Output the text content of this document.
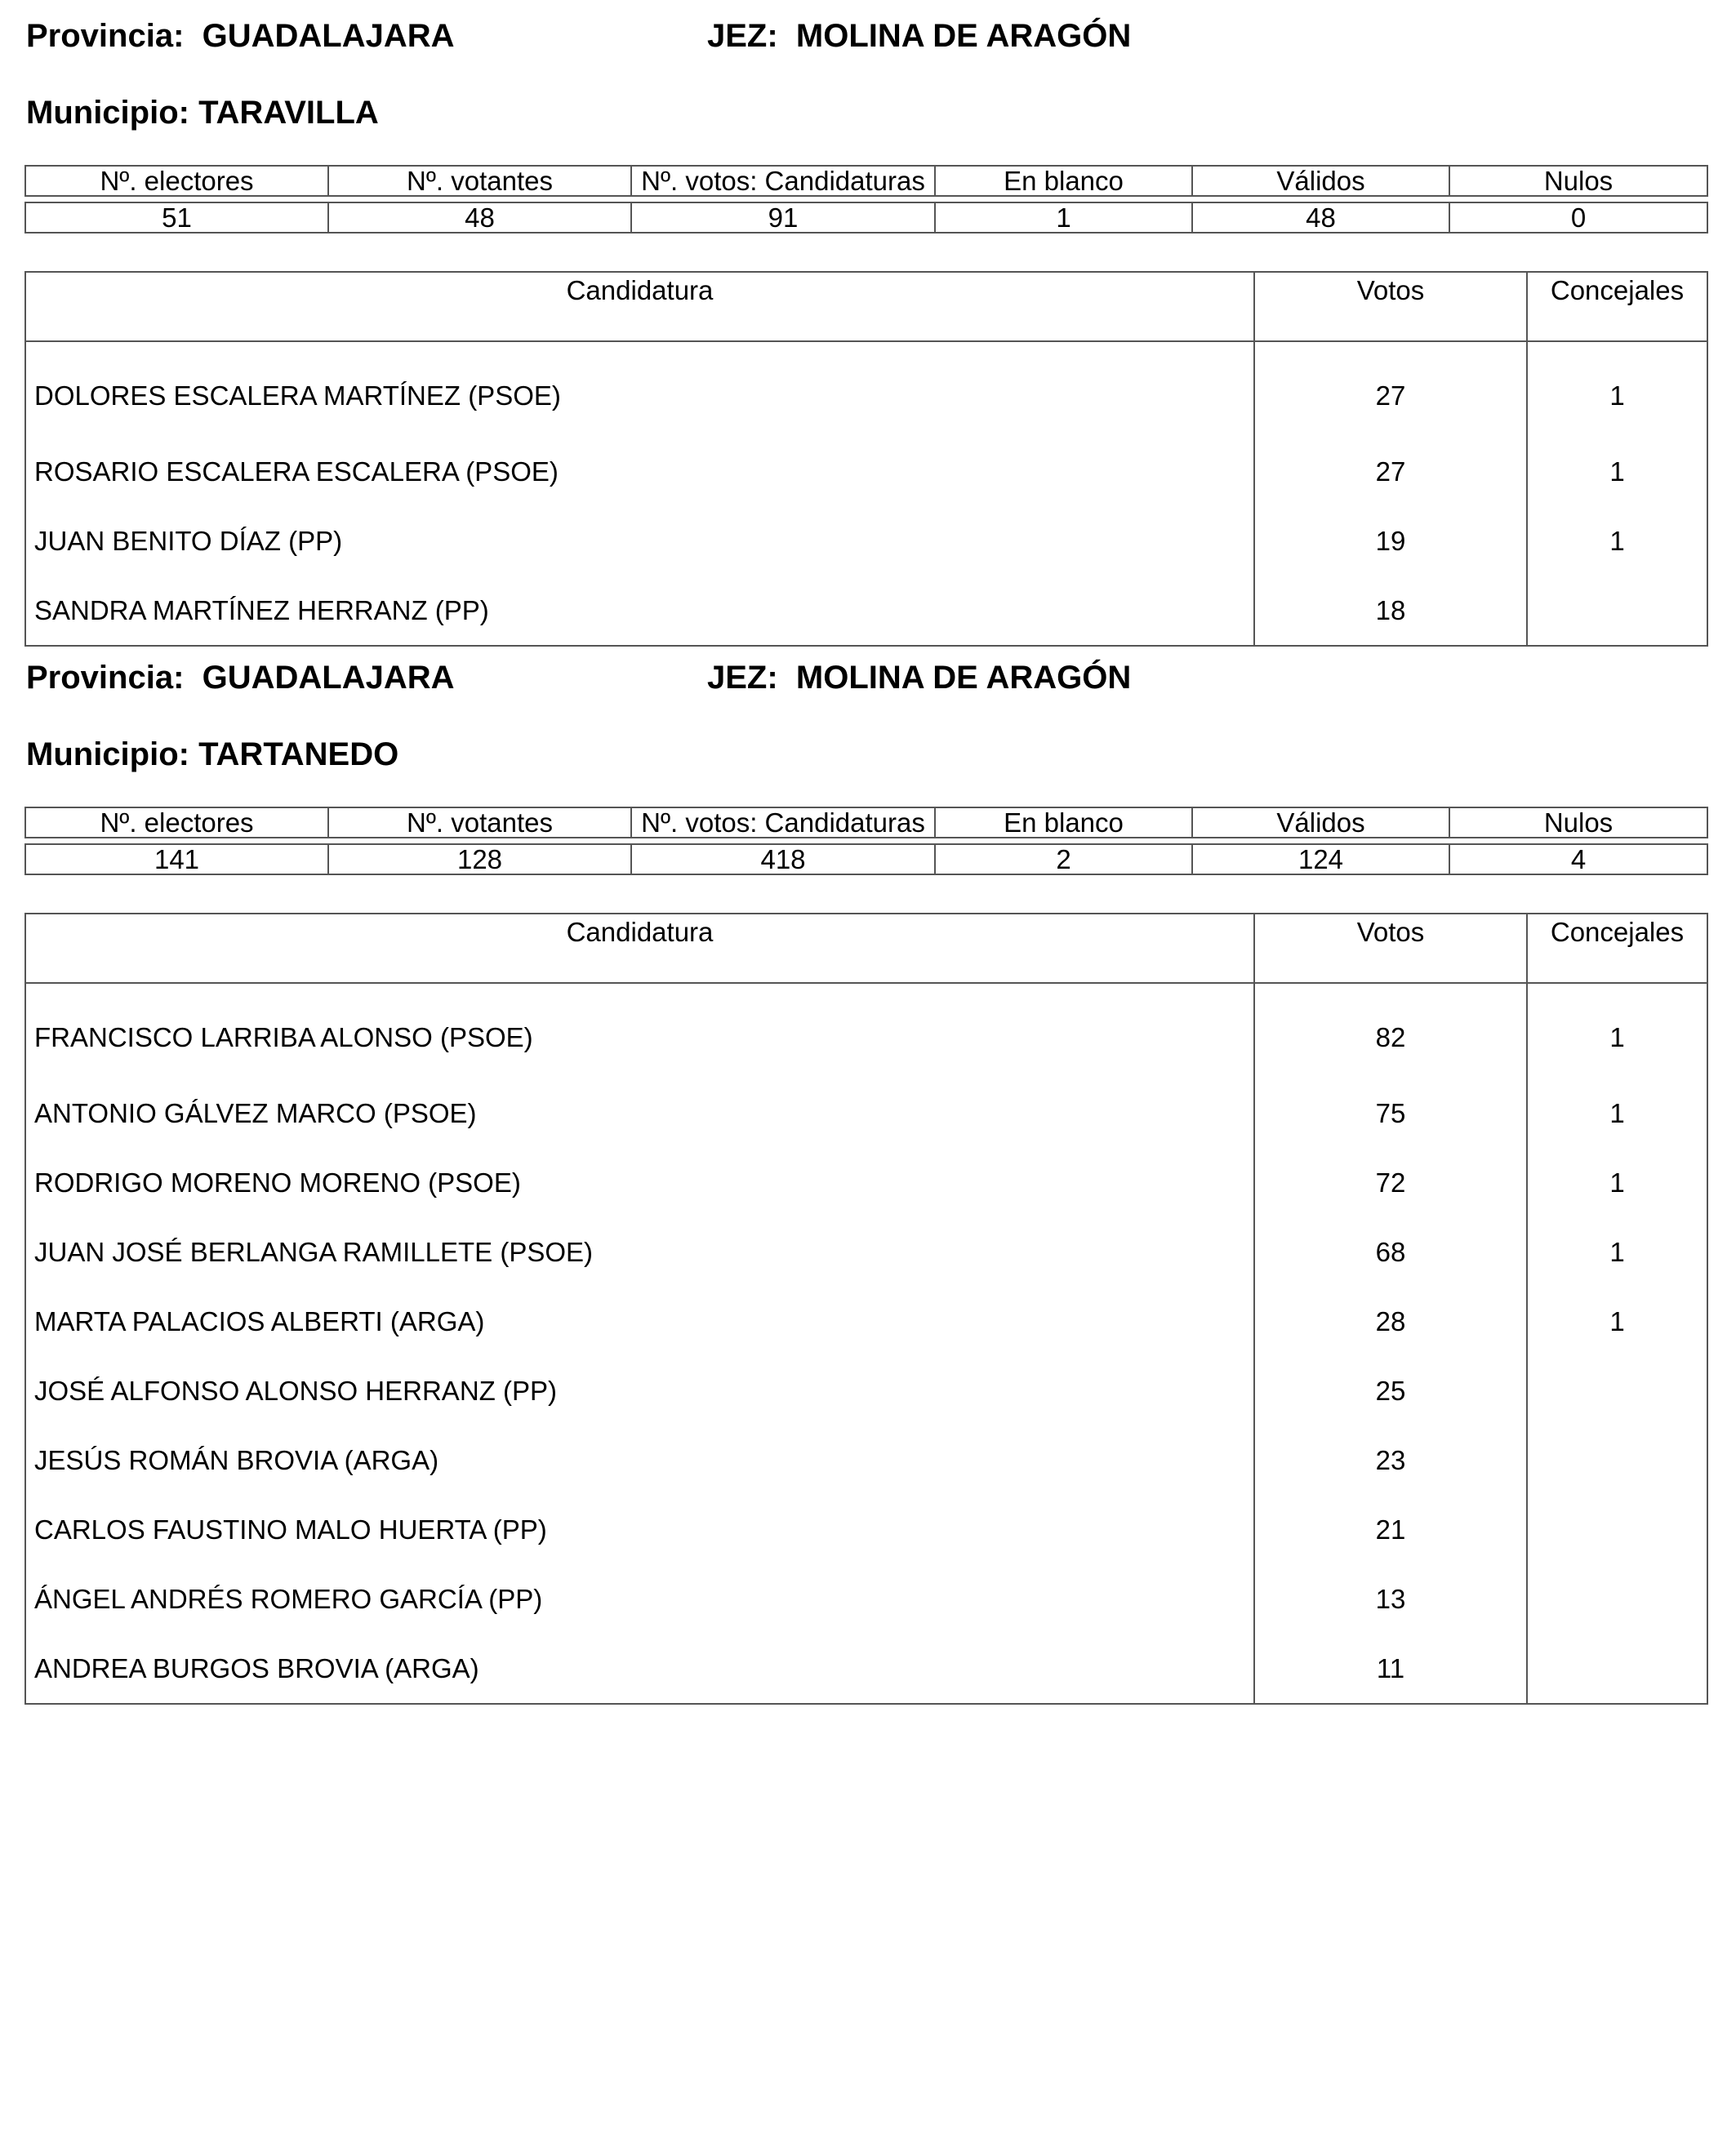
Provincia:  GUADALAJARA	JEZ:  MOLINA DE ARAGÓN
Municipio: TARAVILLA
Nº. electores	Nº. votantes	Nº. votos: Candidaturas	En blanco	Válidos	Nulos

51	48	91	1	48	0
Candidatura	Votos	Concejales
DOLORES ESCALERA MARTÍNEZ (PSOE)	27	1
ROSARIO ESCALERA ESCALERA (PSOE)	27	1
JUAN BENITO DÍAZ (PP)	19	1
SANDRA MARTÍNEZ HERRANZ (PP)	18	
Provincia:  GUADALAJARA	JEZ:  MOLINA DE ARAGÓN
Municipio: TARTANEDO
Nº. electores	Nº. votantes	Nº. votos: Candidaturas	En blanco	Válidos	Nulos

141	128	418	2	124	4
Candidatura	Votos	Concejales
FRANCISCO LARRIBA ALONSO (PSOE)	82	1
ANTONIO GÁLVEZ MARCO (PSOE)	75	1
RODRIGO MORENO MORENO (PSOE)	72	1
JUAN JOSÉ BERLANGA RAMILLETE (PSOE)	68	1
MARTA PALACIOS ALBERTI (ARGA)	28	1
JOSÉ ALFONSO ALONSO HERRANZ (PP)	25	
JESÚS ROMÁN BROVIA (ARGA)	23	
CARLOS FAUSTINO MALO HUERTA (PP)	21	
ÁNGEL ANDRÉS ROMERO GARCÍA (PP)	13	
ANDREA BURGOS BROVIA (ARGA)	11	
